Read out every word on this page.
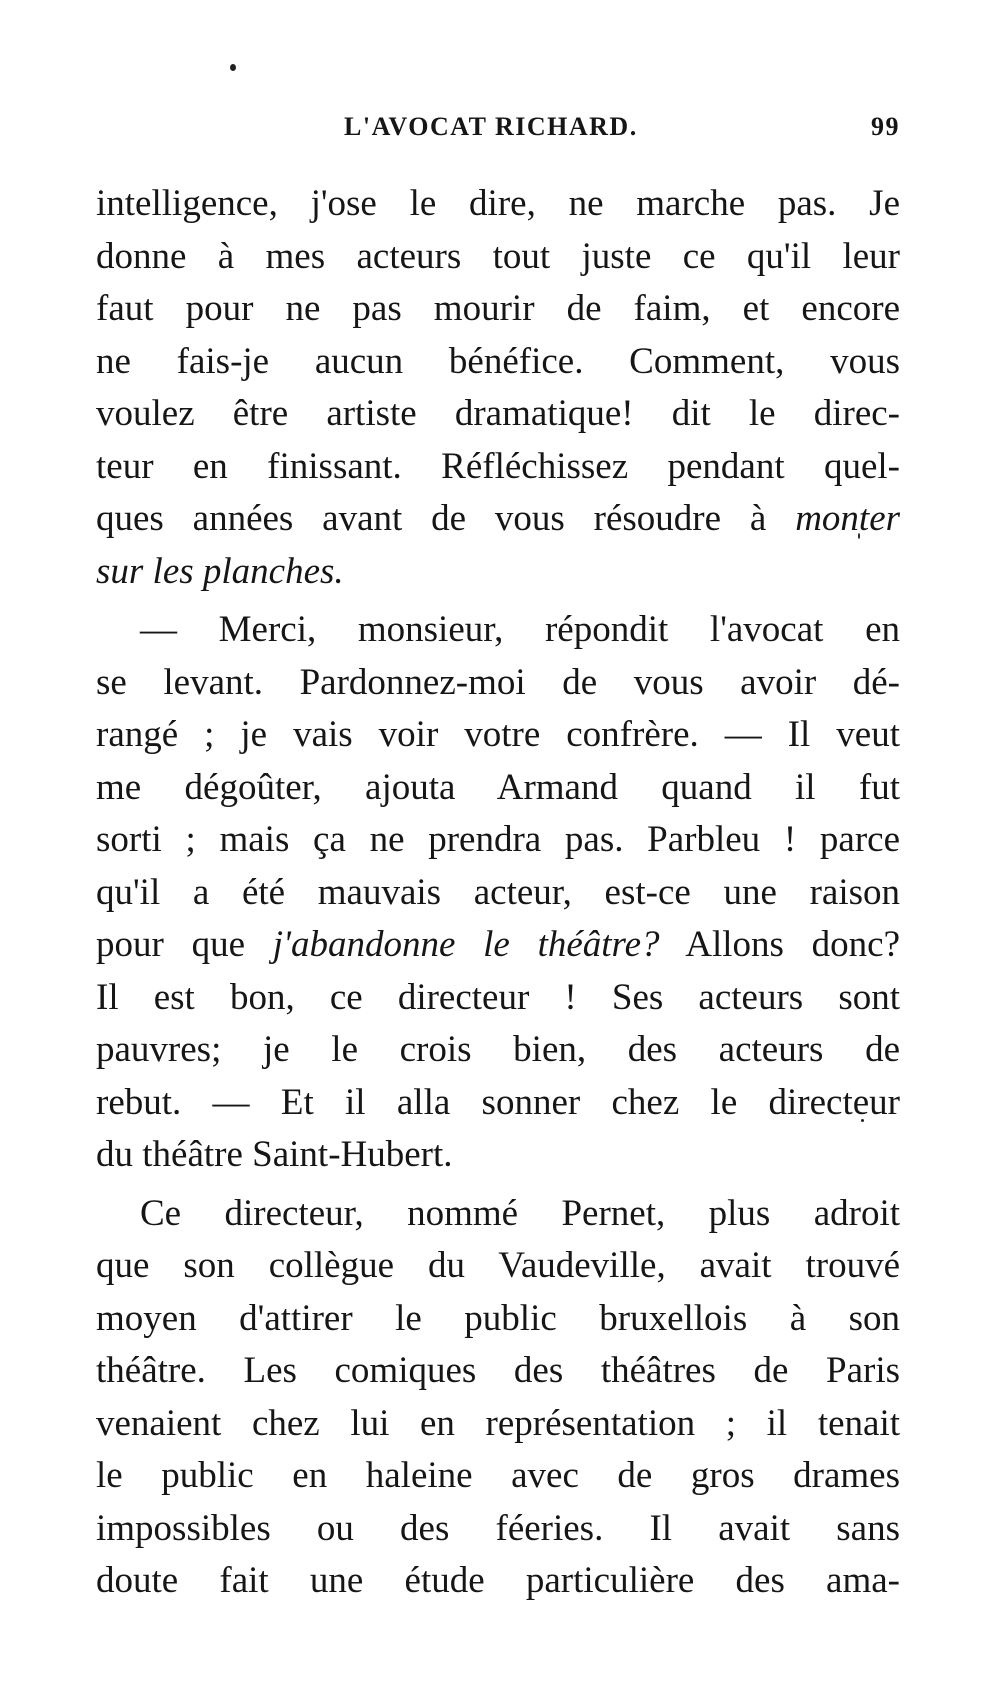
L'AVOCAT RICHARD.	99
intelligence, j'ose le dire, ne marche pas. Je
donne à mes acteurs tout juste ce qu'il leur
faut pour ne pas mourir de faim, et encore
ne fais-je aucun bénéfice. Comment, vous
voulez être artiste dramatique! dit le direc-
teur en finissant. Réfléchissez pendant quel-
ques années avant de vous résoudre à monter
sur les planches.
— Merci, monsieur, répondit l'avocat en
se levant. Pardonnez-moi de vous avoir dé-
rangé ; je vais voir votre confrère. — Il veut
me dégoûter, ajouta Armand quand il fut
sorti ; mais ça ne prendra pas. Parbleu ! parce
qu'il a été mauvais acteur, est-ce une raison
pour que j'abandonne le théâtre? Allons donc?
Il est bon, ce directeur ! Ses acteurs sont
pauvres; je le crois bien, des acteurs de
rebut. — Et il alla sonner chez le directeur
du théâtre Saint-Hubert.
Ce directeur, nommé Pernet, plus adroit
que son collègue du Vaudeville, avait trouvé
moyen d'attirer le public bruxellois à son
théâtre. Les comiques des théâtres de Paris
venaient chez lui en représentation ; il tenait
le public en haleine avec de gros drames
impossibles ou des féeries. Il avait sans
doute fait une étude particulière des ama-
